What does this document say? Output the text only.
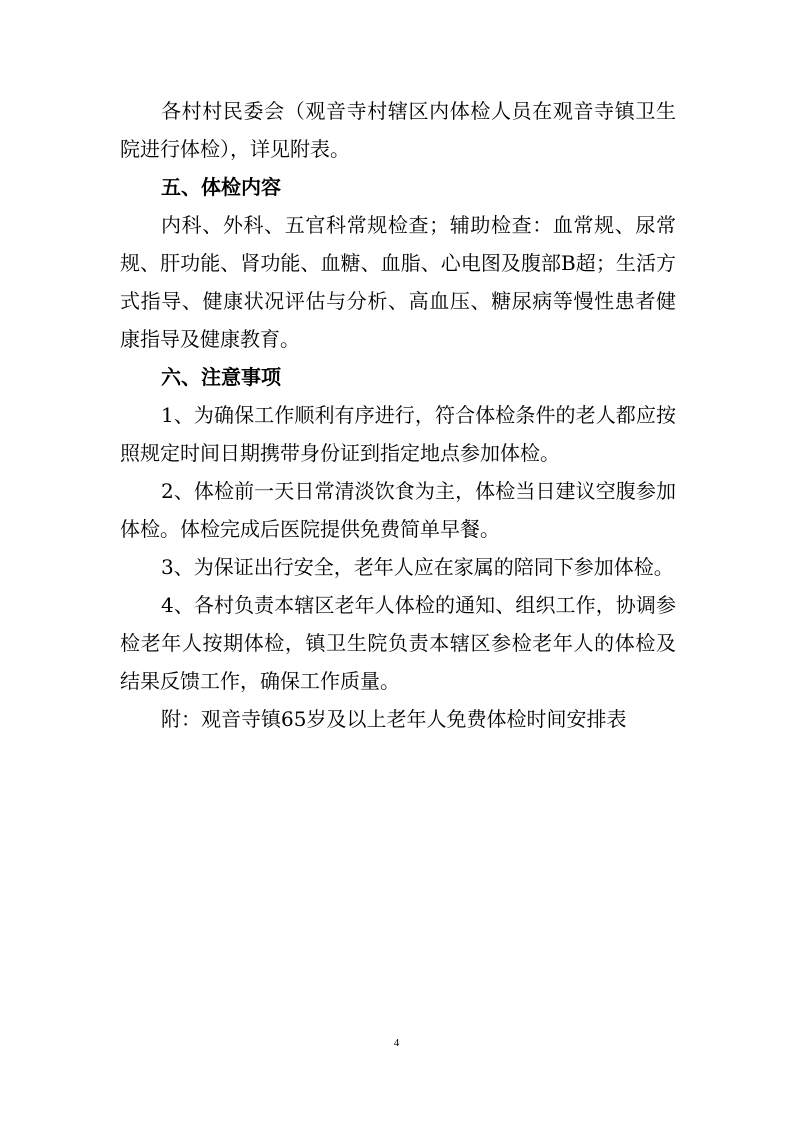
各村村民委会（观音寺村辖区内体检人员在观音寺镇卫生院进行体检），详见附表。

五、体检内容

内科、外科、五官科常规检查；辅助检查：血常规、尿常规、肝功能、肾功能、血糖、血脂、心电图及腹部B超；生活方式指导、健康状况评估与分析、高血压、糖尿病等慢性患者健康指导及健康教育。

六、注意事项

1、为确保工作顺利有序进行，符合体检条件的老人都应按照规定时间日期携带身份证到指定地点参加体检。

2、体检前一天日常清淡饮食为主，体检当日建议空腹参加体检。体检完成后医院提供免费简单早餐。

3、为保证出行安全，老年人应在家属的陪同下参加体检。

4、各村负责本辖区老年人体检的通知、组织工作，协调参检老年人按期体检，镇卫生院负责本辖区参检老年人的体检及结果反馈工作，确保工作质量。

附：观音寺镇65岁及以上老年人免费体检时间安排表

4
